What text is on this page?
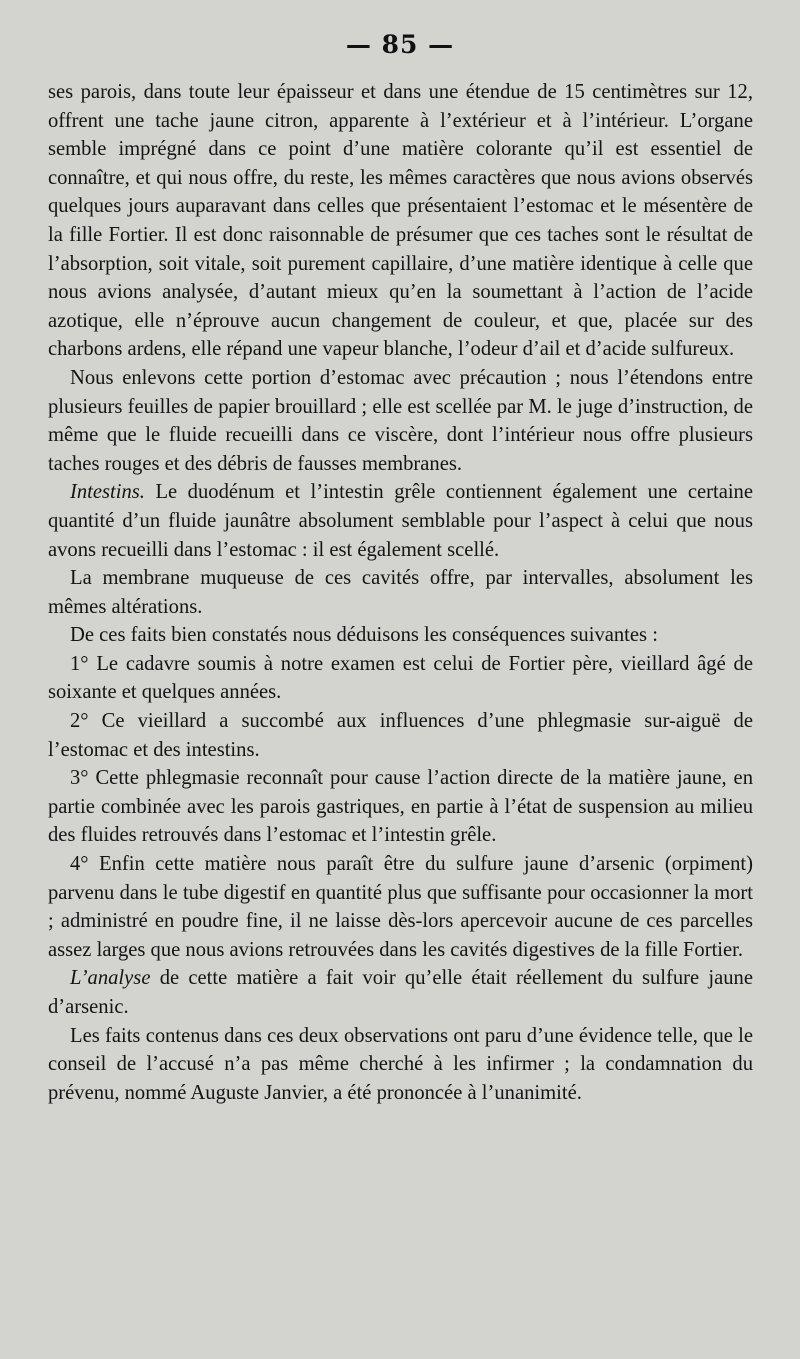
— 85 —

ses parois, dans toute leur épaisseur et dans une étendue de 15 centimètres sur 12, offrent une tache jaune citron, apparente à l’extérieur et à l’intérieur. L’organe semble imprégné dans ce point d’une matière colorante qu’il est essentiel de connaître, et qui nous offre, du reste, les mêmes caractères que nous avions observés quelques jours auparavant dans celles que présentaient l’estomac et le mésentère de la fille Fortier. Il est donc raisonnable de présumer que ces taches sont le résultat de l’absorption, soit vitale, soit purement capillaire, d’une matière identique à celle que nous avions analysée, d’autant mieux qu’en la soumettant à l’action de l’acide azotique, elle n’éprouve aucun changement de couleur, et que, placée sur des charbons ardens, elle répand une vapeur blanche, l’odeur d’ail et d’acide sulfureux.

Nous enlevons cette portion d’estomac avec précaution ; nous l’étendons entre plusieurs feuilles de papier brouillard ; elle est scellée par M. le juge d’instruction, de même que le fluide recueilli dans ce viscère, dont l’intérieur nous offre plusieurs taches rouges et des débris de fausses membranes.

Intestins. Le duodénum et l’intestin grêle contiennent également une certaine quantité d’un fluide jaunâtre absolument semblable pour l’aspect à celui que nous avons recueilli dans l’estomac : il est également scellé.

La membrane muqueuse de ces cavités offre, par intervalles, absolument les mêmes altérations.

De ces faits bien constatés nous déduisons les conséquences suivantes :

1° Le cadavre soumis à notre examen est celui de Fortier père, vieillard âgé de soixante et quelques années.

2° Ce vieillard a succombé aux influences d’une phlegmasie sur-aiguë de l’estomac et des intestins.

3° Cette phlegmasie reconnaît pour cause l’action directe de la matière jaune, en partie combinée avec les parois gastriques, en partie à l’état de suspension au milieu des fluides retrouvés dans l’estomac et l’intestin grêle.

4° Enfin cette matière nous paraît être du sulfure jaune d’arsenic (orpiment) parvenu dans le tube digestif en quantité plus que suffisante pour occasionner la mort ; administré en poudre fine, il ne laisse dès-lors apercevoir aucune de ces parcelles assez larges que nous avions retrouvées dans les cavités digestives de la fille Fortier.

L’analyse de cette matière a fait voir qu’elle était réellement du sulfure jaune d’arsenic.

Les faits contenus dans ces deux observations ont paru d’une évidence telle, que le conseil de l’accusé n’a pas même cherché à les infirmer ; la condamnation du prévenu, nommé Auguste Janvier, a été prononcée à l’unanimité.
